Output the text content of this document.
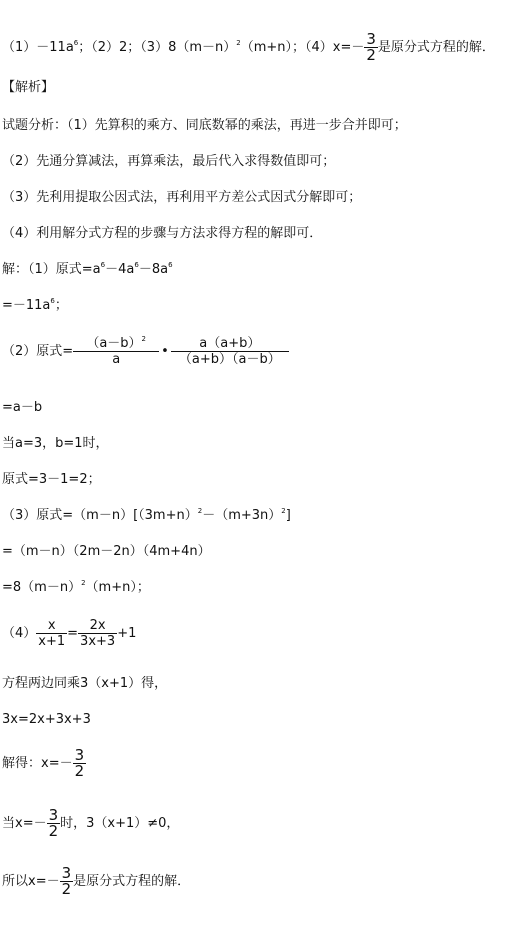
$(1)-11a^6$；（2）2；$(3)8(m-n)^2(m+n)$；$(4)x=- \frac{3}{2}$ 是原分式方程的解．
【解析】
试题分析：（1）先算积的乘方、同底数幂的乘法，再进一步合并即可；
（2）先通分算减法，再算乘法，最后代入求得数值即可；
（3）先利用提取公因式法，再利用平方差公式因式分解即可；
（4）利用解分式方程的步骤与方法求得方程的解即可．
解：（1）原式$=a^6-4a^6-8a^6$
$=-11a^6$；
（2）原式= $\frac{(a-b)^2}{a}$ • $\frac{a(a+b)}{(a+b)(a-b)}$
=a－b
当a=3，b=1时，
原式=3－1=2；
（3）原式$=(m-n)[(3m+n)^2-(m+3n)^2]$
=（m－n）（2m－2n）（4m+4n）
$=8(m-n)^2(m+n)$；
$(4) \frac{x}{x+1} = \frac{2x}{3x+3} +1$
方程两边同乘3（x+1）得，
3x=2x+3x+3
解得：$x=- \frac{3}{2}$
当$x=- \frac{3}{2}$ 时，3（x+1）≠0，
所以$x=- \frac{3}{2}$ 是原分式方程的解．
